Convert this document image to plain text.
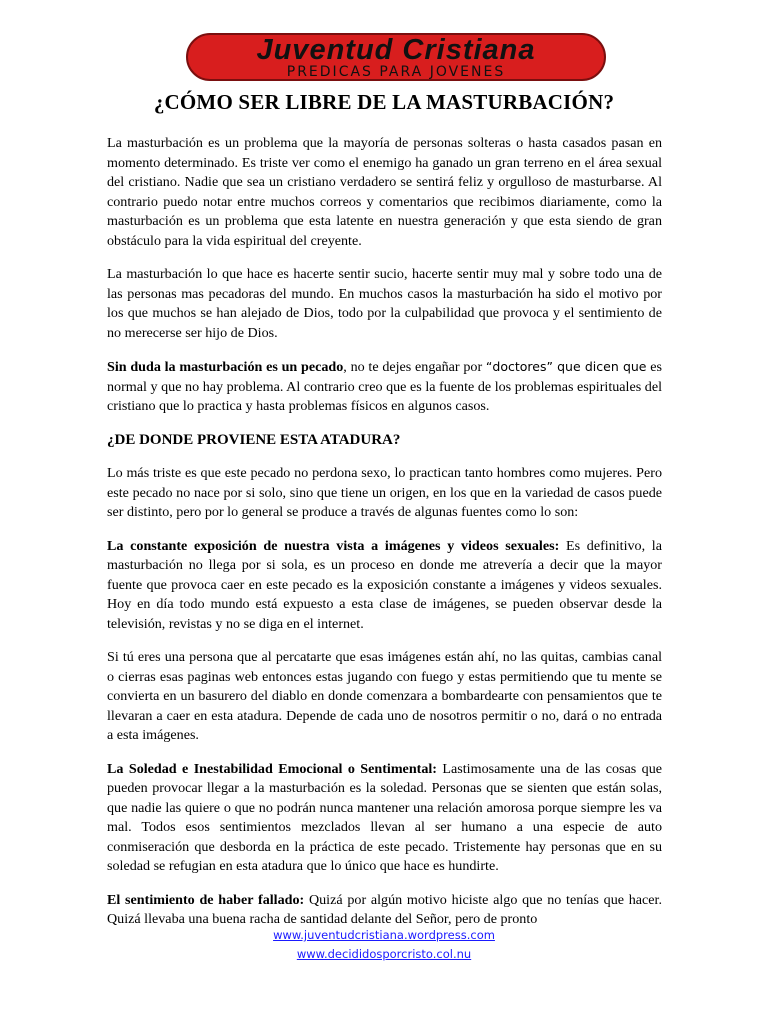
Juventud Cristiana
PREDICAS PARA JOVENES
¿CÓMO SER LIBRE DE LA MASTURBACIÓN?

La masturbación es un problema que la mayoría de personas solteras o hasta casados pasan en momento determinado. Es triste ver como el enemigo ha ganado un gran terreno en el área sexual del cristiano. Nadie que sea un cristiano verdadero se sentirá feliz y orgulloso de masturbarse. Al contrario puedo notar entre muchos correos y comentarios que recibimos diariamente, como la masturbación es un problema que esta latente en nuestra generación y que esta siendo de gran obstáculo para la vida espiritual del creyente.

La masturbación lo que hace es hacerte sentir sucio, hacerte sentir muy mal y sobre todo una de las personas mas pecadoras del mundo. En muchos casos la masturbación ha sido el motivo por los que muchos se han alejado de Dios, todo por la culpabilidad que provoca y el sentimiento de no merecerse ser hijo de Dios.

Sin duda la masturbación es un pecado, no te dejes engañar por “doctores” que dicen que es normal y que no hay problema. Al contrario creo que es la fuente de los problemas espirituales del cristiano que lo practica y hasta problemas físicos en algunos casos.

¿DE DONDE PROVIENE ESTA ATADURA?

Lo más triste es que este pecado no perdona sexo, lo practican tanto hombres como mujeres. Pero este pecado no nace por si solo, sino que tiene un origen, en los que en la variedad de casos puede ser distinto, pero por lo general se produce a través de algunas fuentes como lo son:

La constante exposición de nuestra vista a imágenes y videos sexuales: Es definitivo, la masturbación no llega por si sola, es un proceso en donde me atrevería a decir que la mayor fuente que provoca caer en este pecado es la exposición constante a imágenes y videos sexuales. Hoy en día todo mundo está expuesto a esta clase de imágenes, se pueden observar desde la televisión, revistas y no se diga en el internet.

Si tú eres una persona que al percatarte que esas imágenes están ahí, no las quitas, cambias canal o cierras esas paginas web entonces estas jugando con fuego y estas permitiendo que tu mente se convierta en un basurero del diablo en donde comenzara a bombardearte con pensamientos que te llevaran a caer en esta atadura. Depende de cada uno de nosotros permitir o no, dará o no entrada a esta imágenes.

La Soledad e Inestabilidad Emocional o Sentimental: Lastimosamente una de las cosas que pueden provocar llegar a la masturbación es la soledad. Personas que se sienten que están solas, que nadie las quiere o que no podrán nunca mantener una relación amorosa porque siempre les va mal. Todos esos sentimientos mezclados llevan al ser humano a una especie de auto conmiseración que desborda en la práctica de este pecado. Tristemente hay personas que en su soledad se refugian en esta atadura que lo único que hace es hundirte.

El sentimiento de haber fallado: Quizá por algún motivo hiciste algo que no tenías que hacer. Quizá llevaba una buena racha de santidad delante del Señor, pero de pronto

www.juventudcristiana.wordpress.com
www.decididosporcristo.col.nu
